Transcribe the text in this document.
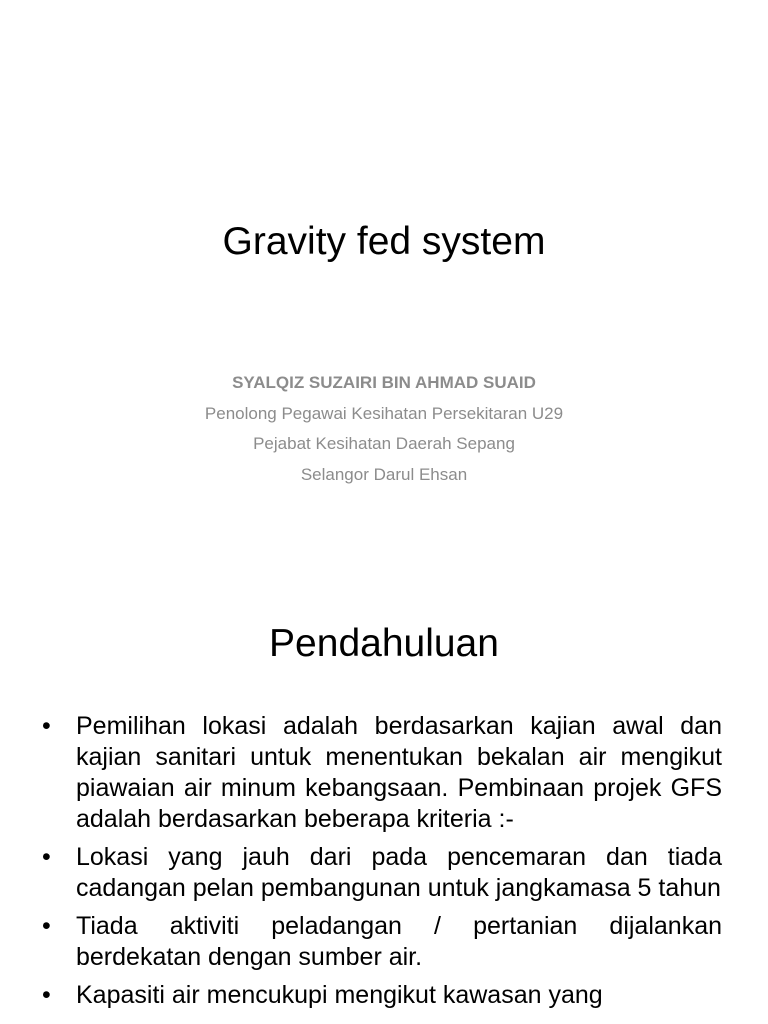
Gravity fed system
SYALQIZ SUZAIRI BIN AHMAD SUAID
Penolong Pegawai Kesihatan Persekitaran U29
Pejabat Kesihatan Daerah Sepang
Selangor Darul Ehsan
Pendahuluan
•	Pemilihan lokasi adalah berdasarkan kajian awal dan kajian sanitari untuk menentukan bekalan air mengikut piawaian air minum kebangsaan. Pembinaan projek GFS adalah berdasarkan beberapa kriteria :-
•	Lokasi yang jauh dari pada pencemaran dan tiada cadangan pelan pembangunan untuk jangkamasa 5 tahun
•	Tiada aktiviti peladangan / pertanian dijalankan berdekatan dengan sumber air.
•	Kapasiti air mencukupi mengikut kawasan yang
